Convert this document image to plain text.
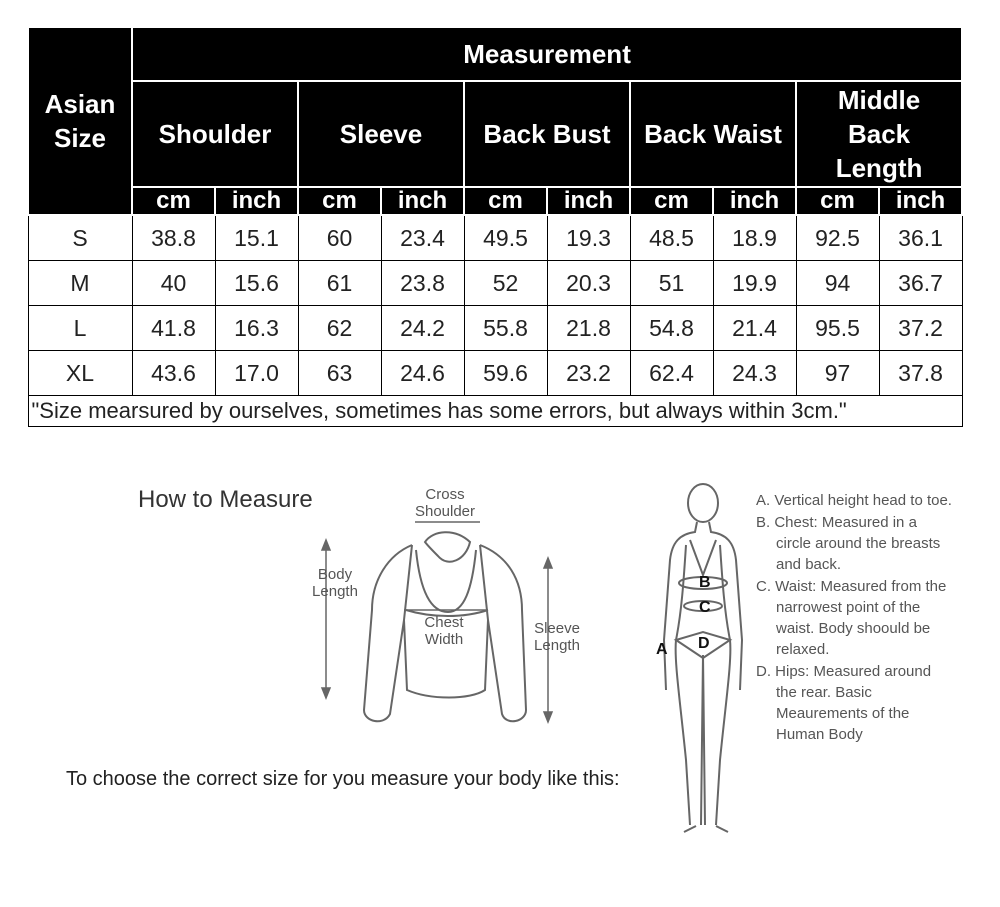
Asian
Size	Measurement									
	Shoulder		Sleeve		Back Bust		Back Waist		Middle
Back
Length	
	cm	inch	cm	inch	cm	inch	cm	inch	cm	inch
S	38.8	15.1	60	23.4	49.5	19.3	48.5	18.9	92.5	36.1
M	40	15.6	61	23.8	52	20.3	51	19.9	94	36.7
L	41.8	16.3	62	24.2	55.8	21.8	54.8	21.4	95.5	37.2
XL	43.6	17.0	63	24.6	59.6	23.2	62.4	24.3	97	37.8
"Size mearsured by ourselves, sometimes has some errors, but always within 3cm."										
How to Measure
A
B
C
D
Cross
Shoulder
Body
Length
Chest
Width
Sleeve
Length
To choose the correct size for you measure your body like this:

A. Vertical height head to toe.

B. Chest: Measured in a circle around the breasts and back.

C. Waist: Measured from the narrowest point of the waist. Body shoould be relaxed.

D. Hips: Measured around the rear. Basic Meaurements of the Human Body
